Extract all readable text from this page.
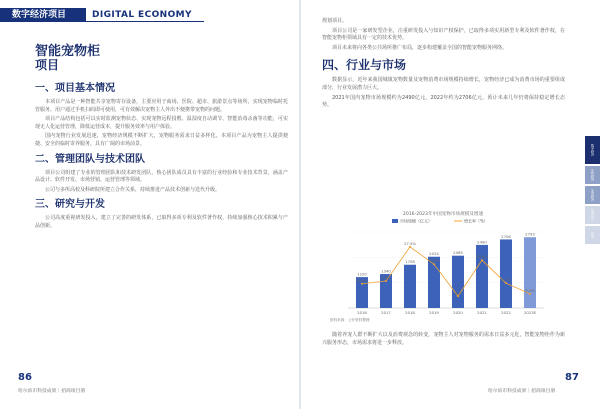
数字经济项目	DIGITAL ECONOMY
智能宠物柜
项目
一、项目基本情况

本项目产品是一种智能共享宠物寄存设备，主要应用于商场、医院、超市、旅游景点等场所，实现宠物临时托管服务。用户通过手机扫码即可使用，可有效解决宠物主人外出不便携带宠物的问题。

项目产品结构包括可以实时监测宠物状态、实现宠物远程投喂、温湿度自动调节、智能消毒杀菌等功能，可实现无人化运营管理，降低运营成本，提升服务效率与用户体验。

国内宠物行业发展迅速，宠物经济规模不断扩大，宠物服务需求日益多样化。本项目产品为宠物主人提供便捷、安全的临时寄养服务，具有广阔的市场前景。

二、管理团队与技术团队

项目公司组建了专业的管理团队和技术研发团队，核心团队成员具有丰富的行业经验和专业技术背景，涵盖产品设计、软件开发、市场营销、运营管理等领域。

公司与多所高校及科研院所建立合作关系，持续推进产品技术创新与迭代升级。

三、研究与开发

公司高度重视研发投入，建立了完善的研发体系，已取得多项专利及软件著作权，持续加强核心技术积累与产品创新。

86
哈尔滨市科技成果｜招商项目册

规划项目。

项目公司是一家研发型企业，注重研发投入与知识产权保护，已取得多项实用新型专利及软件著作权，在智能宠物柜领域具有一定的技术优势。

项目未来将向各类公共场所推广布局，逐步构建覆盖全国的智能宠物服务网络。

四、行业与市场

数据显示，近年来我国城镇宠物数量及宠物消费市场规模持续增长，宠物经济已成为消费市场的重要组成部分，行业发展潜力巨大。

2021年国内宠物市场规模约为2490亿元，2022年约为2706亿元，预计未来几年仍将保持稳定增长态势。

2016-2023年中国宠物市场规模及增速
市场规模（亿元）	增长率（%）
1220
1340
1708
2024	2065
2490
2706	2793
2016	2017	2018	2019	2020	2021	2022	2023E
8.4%
9.8%
27.5%
18.5%
2%
20.6%
8.7%
3.2%
资料来源：公开资料整理

随着养宠人群不断扩大以及消费观念的转变，宠物主人对宠物服务的需求日益多元化，智能宠物柜作为新兴服务形态，市场需求将进一步释放。

数字经济
生物经济
冰雪经济
创意设计
其他
87
哈尔滨市科技成果｜招商项目册
